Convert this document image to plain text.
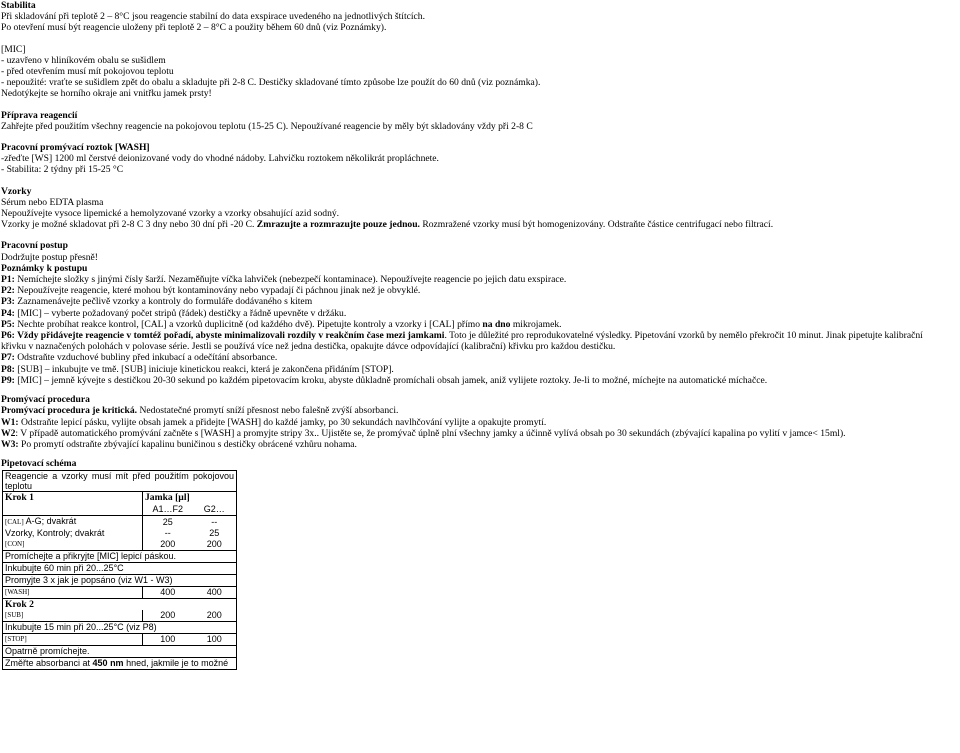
Stabilita
Při skladování při teplotě 2 – 8°C jsou reagencie stabilní do data exspirace uvedeného na jednotlivých štítcích.
Po otevření musí být reagencie uloženy při teplotě 2 – 8°C a použity během 60 dnů (viz Poznámky).
[MIC]
- uzavřeno v hliníkovém obalu se sušidlem
- před otevřením musí mít pokojovou teplotu
- nepoužité: vraťte se sušidlem zpět do obalu a skladujte při 2-8 C. Destičky skladované tímto způsobe lze použít do 60 dnů (viz poznámka).
Nedotýkejte se horního okraje ani vnitřku jamek prsty!
Příprava reagencií
Zahřejte před použitím všechny reagencie na pokojovou teplotu (15-25 C). Nepoužívané reagencie by měly být skladovány vždy při 2-8 C
Pracovní promývací roztok [WASH]
-zřeďte [WS] 1200 ml čerstvé deionizované vody do vhodné nádoby. Lahvičku roztokem několikrát propláchnete.
- Stabilita: 2 týdny při 15-25 °C
Vzorky
Sérum nebo EDTA plasma
Nepoužívejte vysoce lipemické a hemolyzované vzorky a vzorky obsahující azid sodný.
Vzorky je možné skladovat při 2-8 C 3 dny nebo 30 dní při -20 C. Zmrazujte a rozmrazujte pouze jednou. Rozmražené vzorky musí být homogenizovány. Odstraňte částice centrifugací nebo filtrací.
Pracovní postup
Dodržujte postup přesně!
Poznámky k postupu
P1: Nemíchejte složky s jinými čísly šarží. Nezaměňujte víčka lahviček (nebezpečí kontaminace). Nepoužívejte reagencie po jejich datu exspirace.
P2: Nepoužívejte reagencie, které mohou být kontaminovány nebo vypadají či páchnou jinak než je obvyklé.
P3: Zaznamenávejte pečlivě vzorky a kontroly do formuláře dodávaného s kitem
P4: [MIC] – vyberte požadovaný počet stripů (řádek) destičky a řádně upevněte v držáku.
P5: Nechte probíhat reakce kontrol, [CAL] a vzorků duplicitně (od každého dvě). Pipetujte kontroly a vzorky i [CAL] přímo na dno mikrojamek.
P6: Vždy přidávejte reagencie v tomtéž pořadí, abyste minimalizovali rozdíly v reakčním čase mezi jamkami. Toto je důležité pro reprodukovatelné výsledky. Pipetování vzorků by nemělo překročit 10 minut. Jinak pipetujte kalibrační křivku v naznačených polohách v polovase série. Jestli se používá více než jedna destička, opakujte dávce odpovídající (kalibrační) křivku pro každou destičku.
P7: Odstraňte vzduchové bubliny před inkubací a odečítání absorbance.
P8: [SUB] – inkubujte ve tmě. [SUB] iniciuje kinetickou reakci, která je zakončena přidáním [STOP].
P9: [MIC] – jemně kývejte s destičkou 20-30 sekund po každém pipetovacím kroku, abyste důkladně promíchali obsah jamek, aniž vylijete roztoky. Je-li to možné, míchejte na automatické míchačce.
Promývací procedura
Promývací procedura je kritická. Nedostatečné promytí sníží přesnost nebo falešně zvýší absorbanci.
W1: Odstraňte lepicí pásku, vylijte obsah jamek a přidejte [WASH] do každé jamky, po 30 sekundách navlhčování vylijte a opakujte promytí.
W2: V případě automatického promývání začněte s [WASH] a promyjte stripy 3x.. Ujistěte se, že promývač úplně plní všechny jamky a účinně vylívá obsah po 30 sekundách (zbývající kapalina po vylití v jamce< 15ml).
W3: Po promytí odstraňte zbývající kapalinu buničinou s destičky obrácené vzhůru nohama.
Pipetovací schéma
Reagencie a vzorky musí mít před použitím pokojovou teplotu		
Krok 1	Jamka [µl]	
	A1…F2	G2…
[CAL] A-G; dvakrát	25	--
Vzorky, Kontroly; dvakrát	--	25
[CON]	200	200
Promíchejte a přikryjte [MIC] lepicí páskou.		
Inkubujte 60 min při 20...25°C		
Promyjte 3 x jak je popsáno (viz W1 - W3)		
[WASH]	400	400
Krok 2		
[SUB]	200	200
Inkubujte 15 min při 20...25°C (viz P8)		
[STOP]	100	100
Opatrně promíchejte.		
Změřte absorbanci at 450 nm hned, jakmile je to možné		
